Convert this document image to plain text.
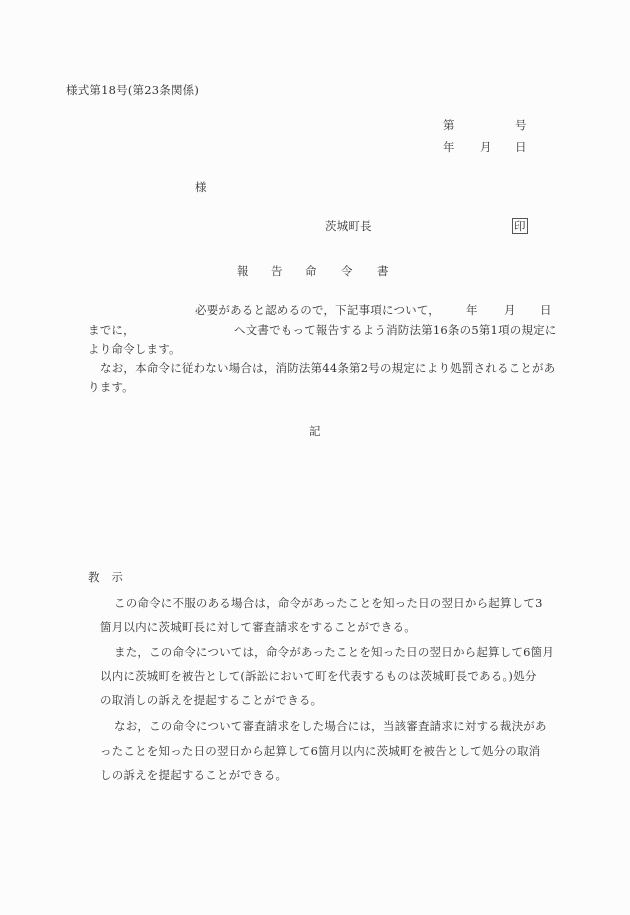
様式第18号(第23条関係)
第	号
年 月 日
様
茨城町長	印
報 告 命 令 書
必要があると認めるので，下記事項について， 年 月 日
までに，	へ文書でもって報告するよう消防法第16条の5第1項の規定に
より命令します。
なお，本命令に従わない場合は，消防法第44条第2号の規定により処罰されることがあ
ります。
記
教　示
この命令に不服のある場合は，命令があったことを知った日の翌日から起算して3
箇月以内に茨城町長に対して審査請求をすることができる。
また，この命令については，命令があったことを知った日の翌日から起算して6箇月
以内に茨城町を被告として(訴訟において町を代表するものは茨城町長である。)処分
の取消しの訴えを提起することができる。
なお，この命令について審査請求をした場合には，当該審査請求に対する裁決があ
ったことを知った日の翌日から起算して6箇月以内に茨城町を被告として処分の取消
しの訴えを提起することができる。
